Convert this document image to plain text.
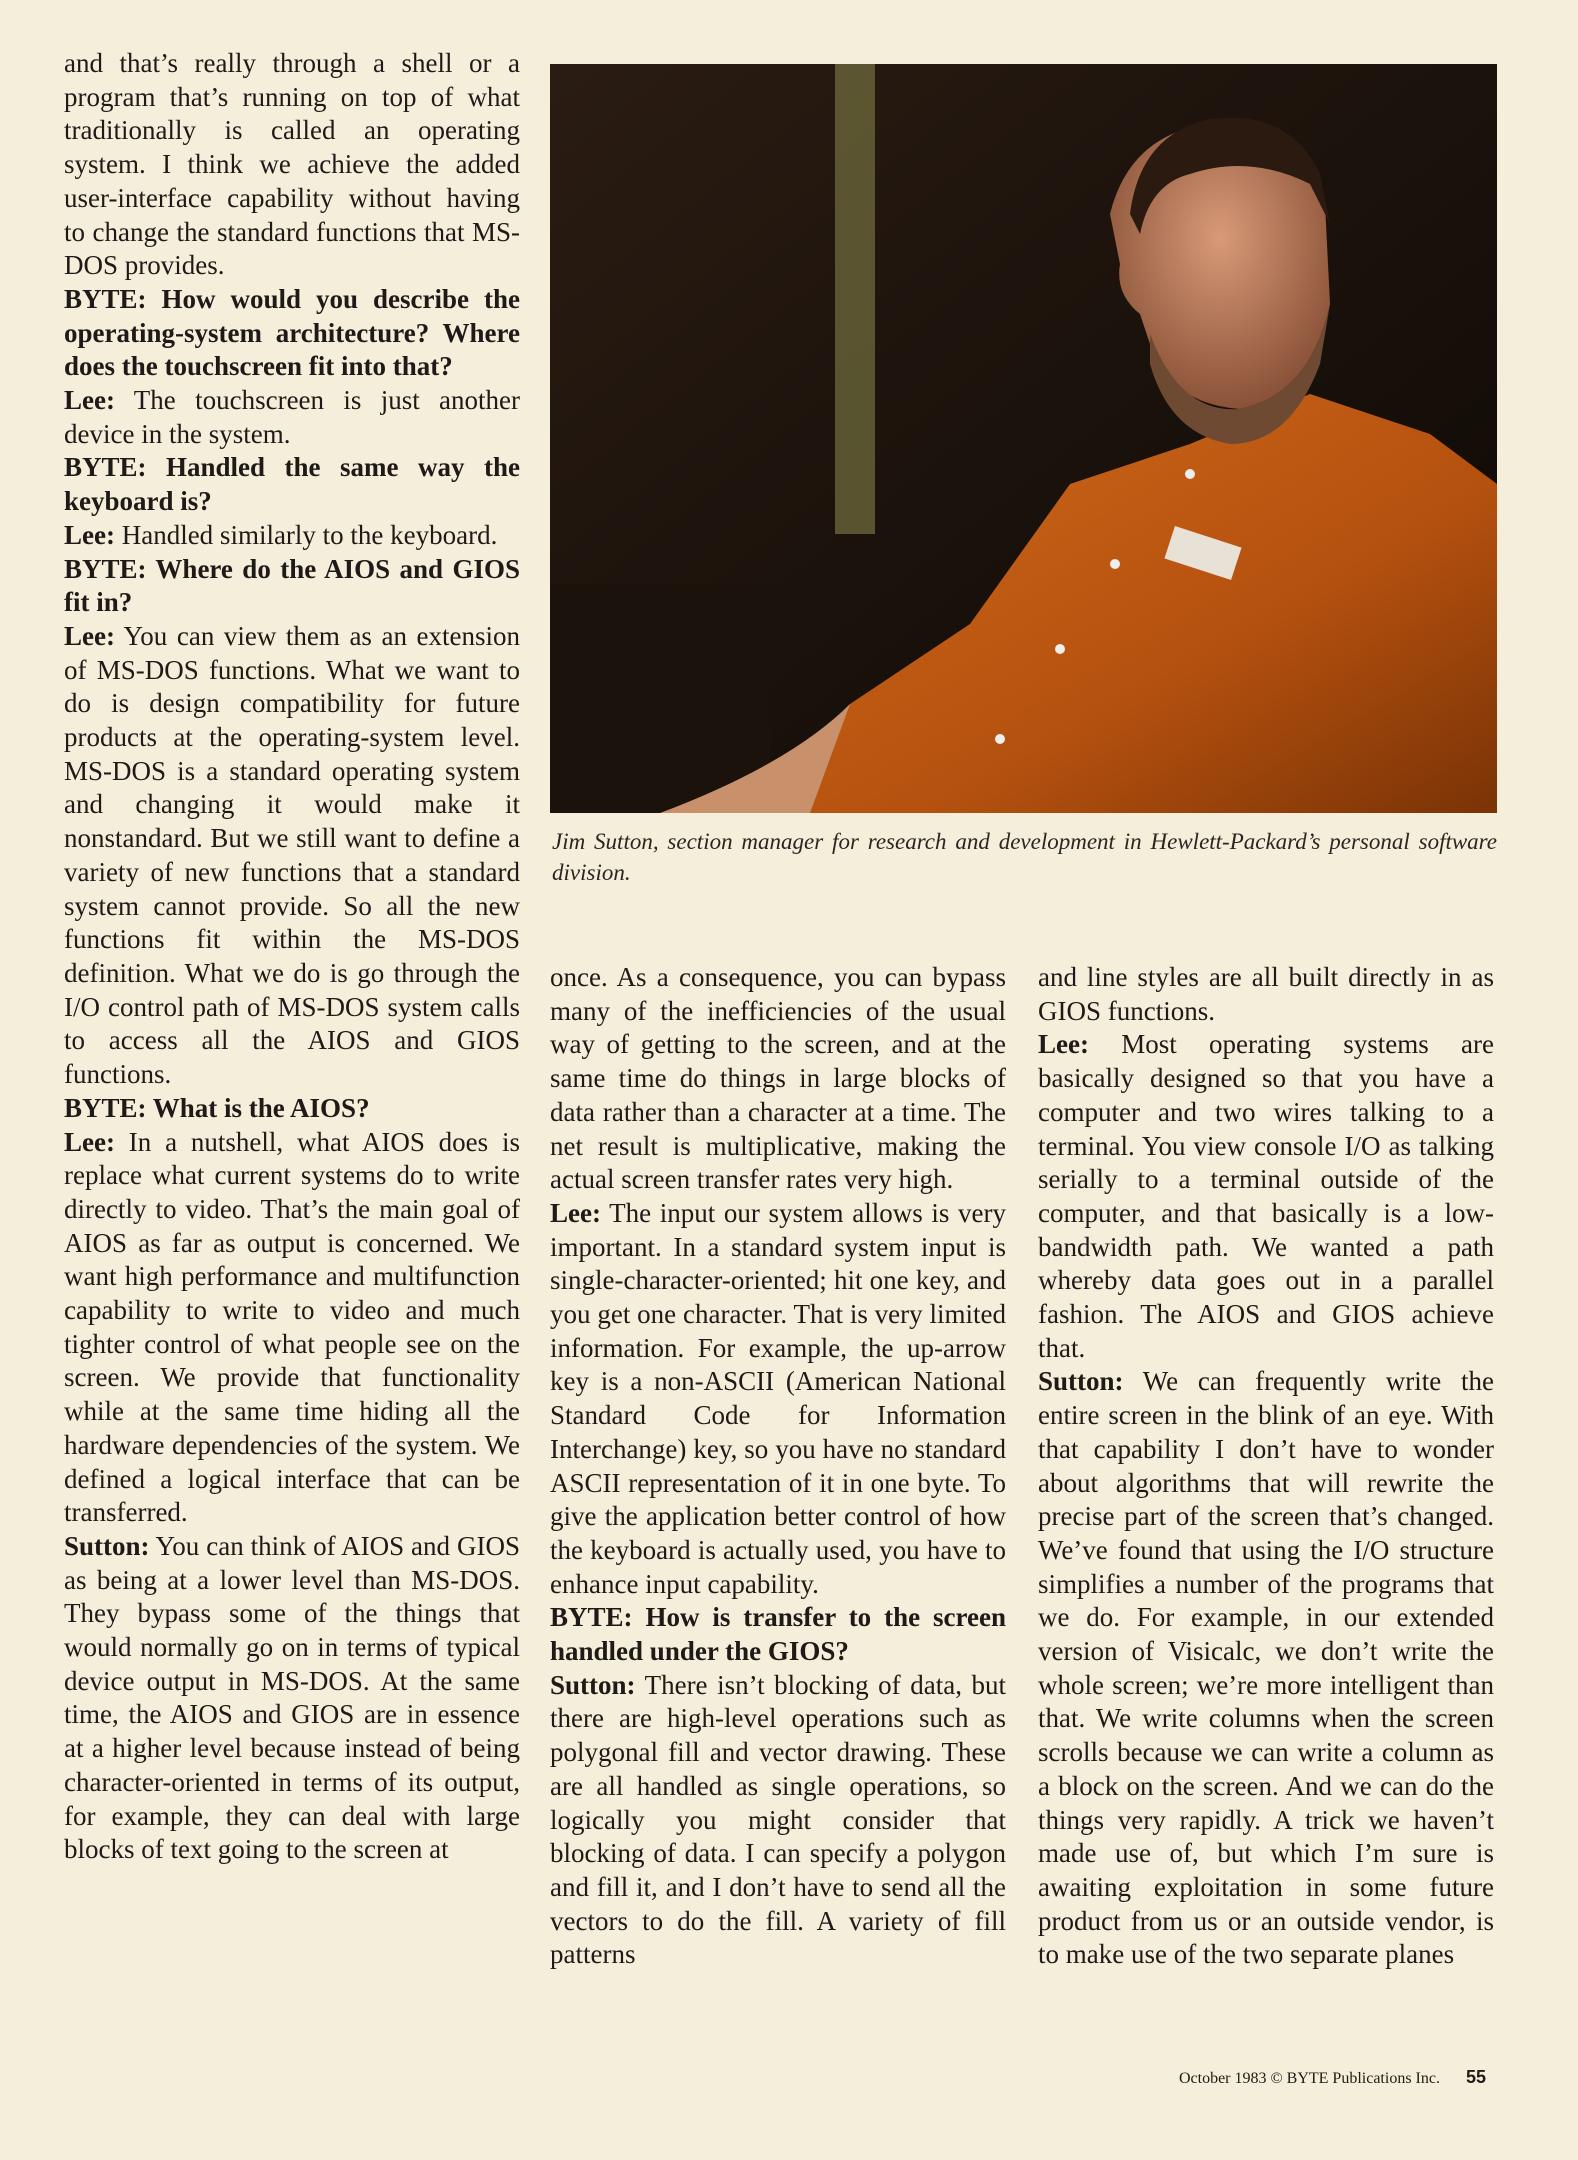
and that’s really through a shell or a program that’s running on top of what traditionally is called an operating system. I think we achieve the added user-interface capability without having to change the standard functions that MS-DOS provides.

BYTE: How would you describe the operating-system architecture? Where does the touchscreen fit into that?

Lee: The touchscreen is just another device in the system.

BYTE: Handled the same way the keyboard is?

Lee: Handled similarly to the keyboard.

BYTE: Where do the AIOS and GIOS fit in?

Lee: You can view them as an extension of MS-DOS functions. What we want to do is design compatibility for future products at the operating-system level. MS-DOS is a standard operating system and changing it would make it nonstandard. But we still want to define a variety of new functions that a standard system cannot provide. So all the new functions fit within the MS-DOS definition. What we do is go through the I/O control path of MS-DOS system calls to access all the AIOS and GIOS functions.

BYTE: What is the AIOS?

Lee: In a nutshell, what AIOS does is replace what current systems do to write directly to video. That’s the main goal of AIOS as far as output is concerned. We want high performance and multifunction capability to write to video and much tighter control of what people see on the screen. We provide that functionality while at the same time hiding all the hardware dependencies of the system. We defined a logical interface that can be transferred.

Sutton: You can think of AIOS and GIOS as being at a lower level than MS-DOS. They bypass some of the things that would normally go on in terms of typical device output in MS-DOS. At the same time, the AIOS and GIOS are in essence at a higher level because instead of being character-oriented in terms of its output, for example, they can deal with large blocks of text going to the screen at

Jim Sutton, section manager for research and development in Hewlett-Packard’s personal software division.

once. As a consequence, you can bypass many of the inefficiencies of the usual way of getting to the screen, and at the same time do things in large blocks of data rather than a character at a time. The net result is multiplicative, making the actual screen transfer rates very high.

Lee: The input our system allows is very important. In a standard system input is single-character-oriented; hit one key, and you get one character. That is very limited information. For example, the up-arrow key is a non-ASCII (American National Standard Code for Information Interchange) key, so you have no standard ASCII representation of it in one byte. To give the application better control of how the keyboard is actually used, you have to enhance input capability.

BYTE: How is transfer to the screen handled under the GIOS?

Sutton: There isn’t blocking of data, but there are high-level operations such as polygonal fill and vector drawing. These are all handled as single operations, so logically you might consider that blocking of data. I can specify a polygon and fill it, and I don’t have to send all the vectors to do the fill. A variety of fill patterns

and line styles are all built directly in as GIOS functions.

Lee: Most operating systems are basically designed so that you have a computer and two wires talking to a terminal. You view console I/O as talking serially to a terminal outside of the computer, and that basically is a low-bandwidth path. We wanted a path whereby data goes out in a parallel fashion. The AIOS and GIOS achieve that.

Sutton: We can frequently write the entire screen in the blink of an eye. With that capability I don’t have to wonder about algorithms that will rewrite the precise part of the screen that’s changed. We’ve found that using the I/O structure simplifies a number of the programs that we do. For example, in our extended version of Visicalc, we don’t write the whole screen; we’re more intelligent than that. We write columns when the screen scrolls because we can write a column as a block on the screen. And we can do the things very rapidly. A trick we haven’t made use of, but which I’m sure is awaiting exploitation in some future product from us or an outside vendor, is to make use of the two separate planes

October 1983 © BYTE Publications Inc. 55
